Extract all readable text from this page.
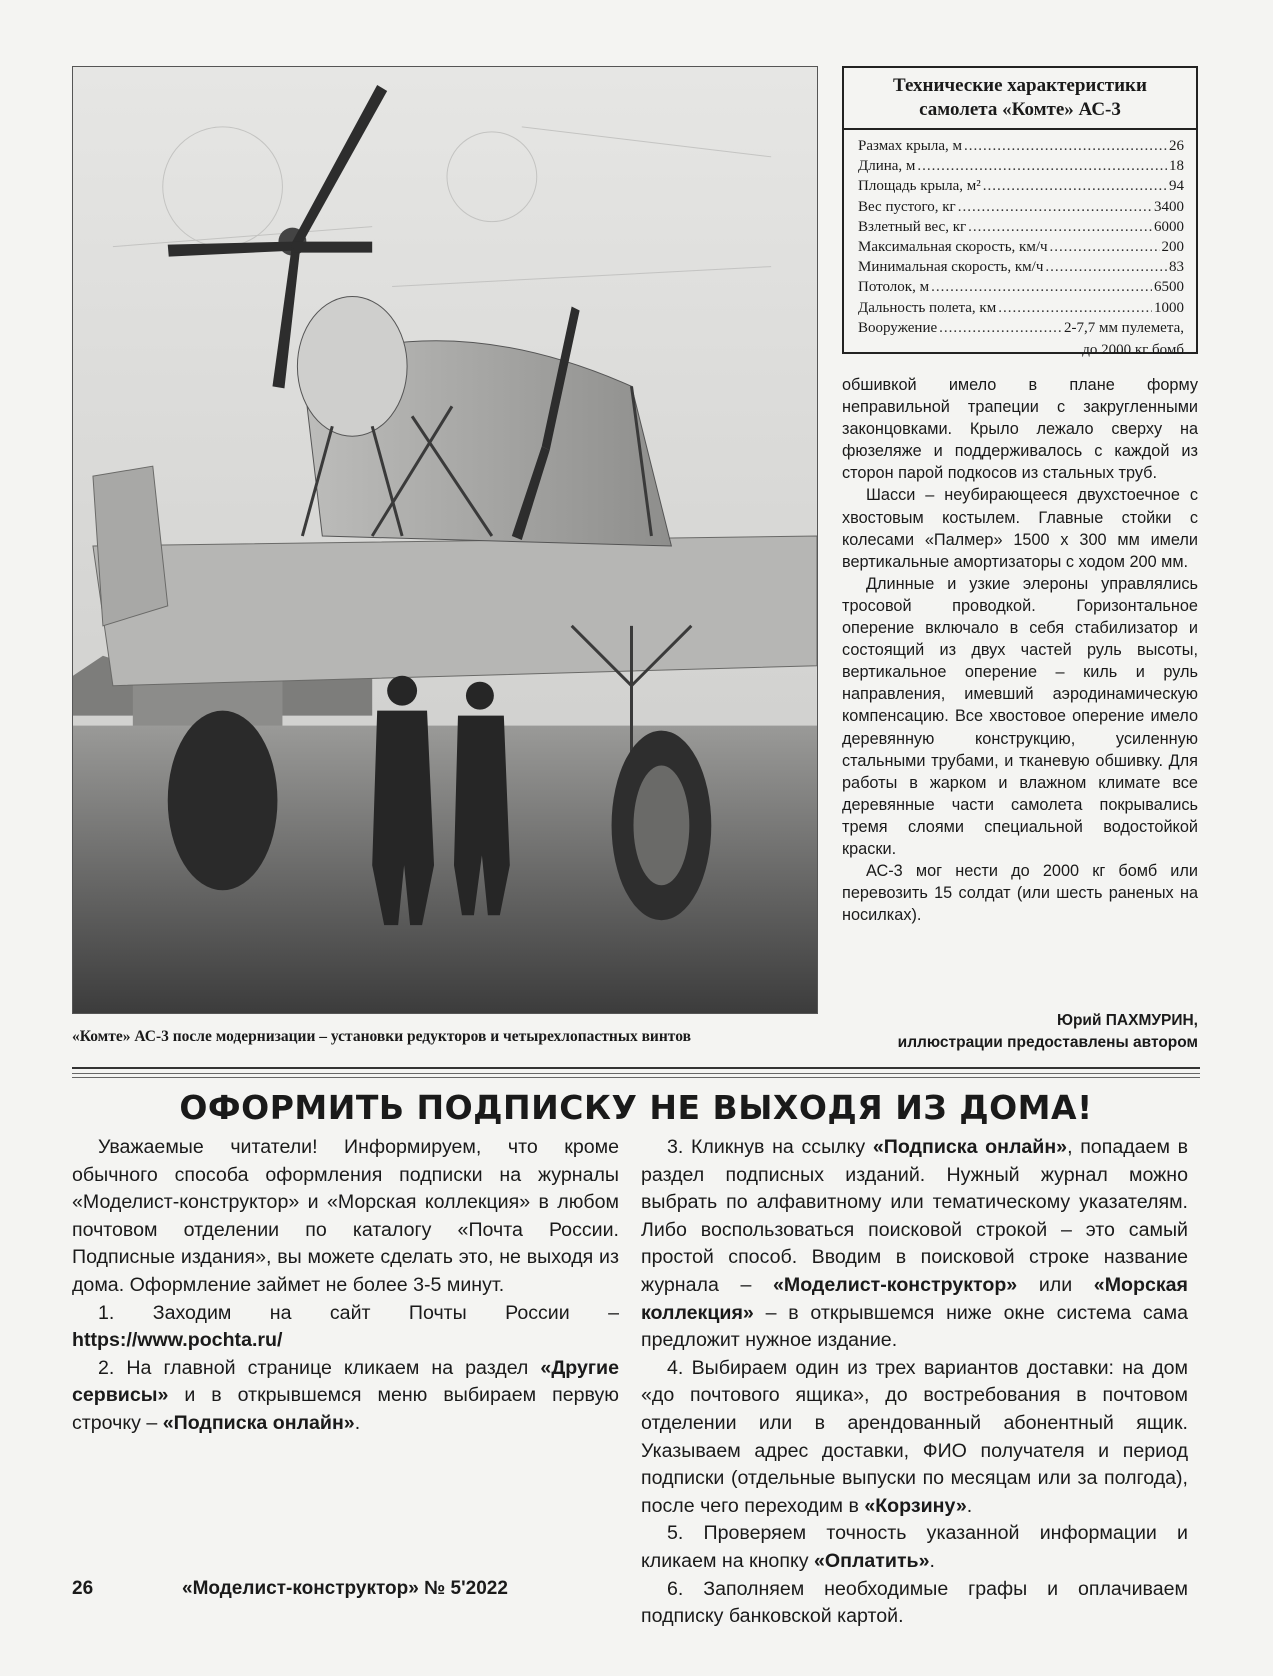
«Комте» АС-3 после модернизации – установки редукторов и четырехлопастных винтов
Технические характеристики
самолета «Комте» АС-3
Размах крыла, м .....	26
Длина, м .....	18
Площадь крыла, м² .....	94
Вес пустого, кг .....	3400
Взлетный вес, кг .....	6000
Максимальная скорость, км/ч .....	200
Минимальная скорость, км/ч .....	83
Потолок, м .....	6500
Дальность полета, км .....	1000
Вооружение .....	2-7,7 мм пулемета,
до 2000 кг бомб

обшивкой имело в плане форму неправильной трапеции с закругленными законцовками. Крыло лежало сверху на фюзеляже и поддерживалось с каждой из сторон парой подкосов из стальных труб.

Шасси – неубирающееся двухстоечное с хвостовым костылем. Главные стойки с колесами «Палмер» 1500 х 300 мм имели вертикальные амортизаторы с ходом 200 мм.

Длинные и узкие элероны управлялись тросовой проводкой. Горизонтальное оперение включало в себя стабилизатор и состоящий из двух частей руль высоты, вертикальное оперение – киль и руль направления, имевший аэродинамическую компенсацию. Все хвостовое оперение имело деревянную конструкцию, усиленную стальными трубами, и тканевую обшивку. Для работы в жарком и влажном климате все деревянные части самолета покрывались тремя слоями специальной водостойкой краски.

АС-3 мог нести до 2000 кг бомб или перевозить 15 солдат (или шесть раненых на носилках).

Юрий ПАХМУРИН,
иллюстрации предоставлены автором
ОФОРМИТЬ ПОДПИСКУ НЕ ВЫХОДЯ ИЗ ДОМА!

Уважаемые читатели! Информируем, что кроме обычного способа оформления подписки на журналы «Моделист-конструктор» и «Морская коллекция» в любом почтовом отделении по каталогу «Почта России. Подписные издания», вы можете сделать это, не выходя из дома. Оформление займет не более 3-5 минут.

1. Заходим на сайт Почты России – https://www.pochta.ru/

2. На главной странице кликаем на раздел «Другие сервисы» и в открывшемся меню выбираем первую строчку – «Подписка онлайн».

3. Кликнув на ссылку «Подписка онлайн», попадаем в раздел подписных изданий. Нужный журнал можно выбрать по алфавитному или тематическому указателям. Либо воспользоваться поисковой строкой – это самый простой способ. Вводим в поисковой строке название журнала – «Моделист-конструктор» или «Морская коллекция» – в открывшемся ниже окне система сама предложит нужное издание.

4. Выбираем один из трех вариантов доставки: на дом «до почтового ящика», до востребования в почтовом отделении или в арендованный абонентный ящик. Указываем адрес доставки, ФИО получателя и период подписки (отдельные выпуски по месяцам или за полгода), после чего переходим в «Корзину».

5. Проверяем точность указанной информации и кликаем на кнопку «Оплатить».

6. Заполняем необходимые графы и оплачиваем подписку банковской картой.

26	«Моделист-конструктор» № 5'2022
